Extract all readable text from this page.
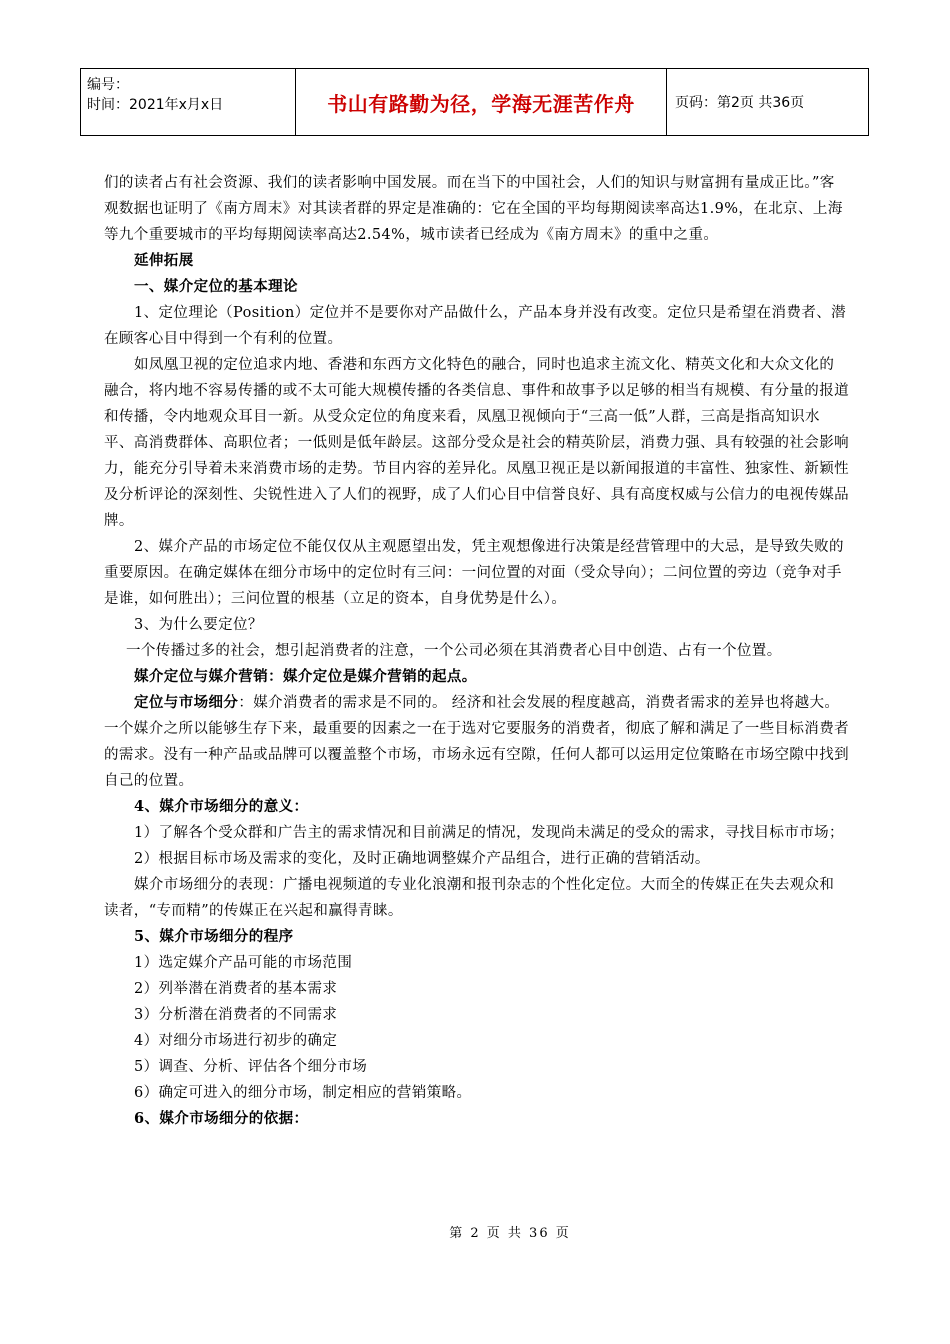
编号：
时间：2021年x月x日	书山有路勤为径，学海无涯苦作舟	页码：第2页 共36页

们的读者占有社会资源、我们的读者影响中国发展。而在当下的中国社会，人们的知识与财富拥有量成正比。”客观数据也证明了《南方周末》对其读者群的界定是准确的：它在全国的平均每期阅读率高达1.9%，在北京、上海等九个重要城市的平均每期阅读率高达2.54%，城市读者已经成为《南方周末》的重中之重。

延伸拓展

一、媒介定位的基本理论

1、定位理论（Position）定位并不是要你对产品做什么，产品本身并没有改变。定位只是希望在消费者、潜在顾客心目中得到一个有利的位置。

如凤凰卫视的定位追求内地、香港和东西方文化特色的融合，同时也追求主流文化、精英文化和大众文化的融合，将内地不容易传播的或不太可能大规模传播的各类信息、事件和故事予以足够的相当有规模、有分量的报道和传播，令内地观众耳目一新。从受众定位的角度来看，凤凰卫视倾向于“三高一低”人群，三高是指高知识水平、高消费群体、高职位者；一低则是低年龄层。这部分受众是社会的精英阶层，消费力强、具有较强的社会影响力，能充分引导着未来消费市场的走势。节目内容的差异化。凤凰卫视正是以新闻报道的丰富性、独家性、新颖性及分析评论的深刻性、尖锐性进入了人们的视野，成了人们心目中信誉良好、具有高度权威与公信力的电视传媒品牌。

2、媒介产品的市场定位不能仅仅从主观愿望出发，凭主观想像进行决策是经营管理中的大忌，是导致失败的重要原因。在确定媒体在细分市场中的定位时有三问：一问位置的对面（受众导向）；二问位置的旁边（竞争对手是谁，如何胜出）；三问位置的根基（立足的资本，自身优势是什么）。

3、为什么要定位？

一个传播过多的社会，想引起消费者的注意，一个公司必须在其消费者心目中创造、占有一个位置。

媒介定位与媒介营销：媒介定位是媒介营销的起点。

定位与市场细分：媒介消费者的需求是不同的。 经济和社会发展的程度越高，消费者需求的差异也将越大。一个媒介之所以能够生存下来，最重要的因素之一在于选对它要服务的消费者，彻底了解和满足了一些目标消费者的需求。没有一种产品或品牌可以覆盖整个市场，市场永远有空隙，任何人都可以运用定位策略在市场空隙中找到自己的位置。

4、媒介市场细分的意义：

1）了解各个受众群和广告主的需求情况和目前满足的情况，发现尚未满足的受众的需求，寻找目标市市场；

2）根据目标市场及需求的变化，及时正确地调整媒介产品组合，进行正确的营销活动。

媒介市场细分的表现：广播电视频道的专业化浪潮和报刊杂志的个性化定位。大而全的传媒正在失去观众和读者，“专而精”的传媒正在兴起和赢得青睐。

5、媒介市场细分的程序

1）选定媒介产品可能的市场范围

2）列举潜在消费者的基本需求

3）分析潜在消费者的不同需求

4）对细分市场进行初步的确定

5）调查、分析、评估各个细分市场

6）确定可进入的细分市场，制定相应的营销策略。

6、媒介市场细分的依据：

第 2 页 共 36 页
